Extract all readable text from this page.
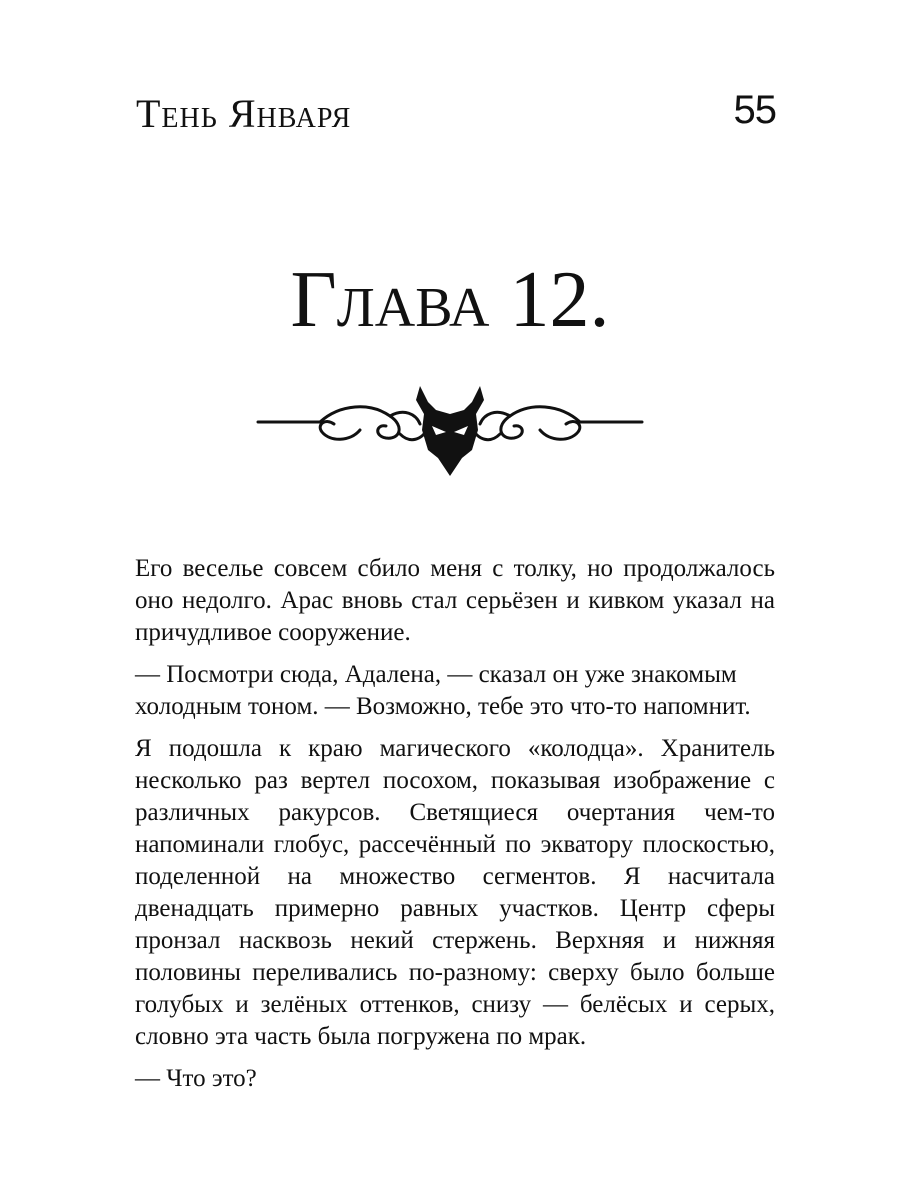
Тень Января	55
Глава 12.

Его веселье совсем сбило меня с толку, но продолжалось оно недолго. Арас вновь стал серьёзен и кивком указал на причудливое сооружение.

— Посмотри сюда, Адалена, — сказал он уже знакомым холодным тоном. — Возможно, тебе это что-то напомнит.

Я подошла к краю магического «колодца». Хранитель несколько раз вертел посохом, показывая изображение с различных ракурсов. Светящиеся очертания чем-то напоминали глобус, рассечённый по экватору плоскостью, поделенной на множество сегментов. Я насчитала двенадцать примерно равных участков. Центр сферы пронзал насквозь некий стержень. Верхняя и нижняя половины переливались по-разному: сверху было больше голубых и зелёных оттенков, снизу — белёсых и серых, словно эта часть была погружена по мрак.

— Что это?
